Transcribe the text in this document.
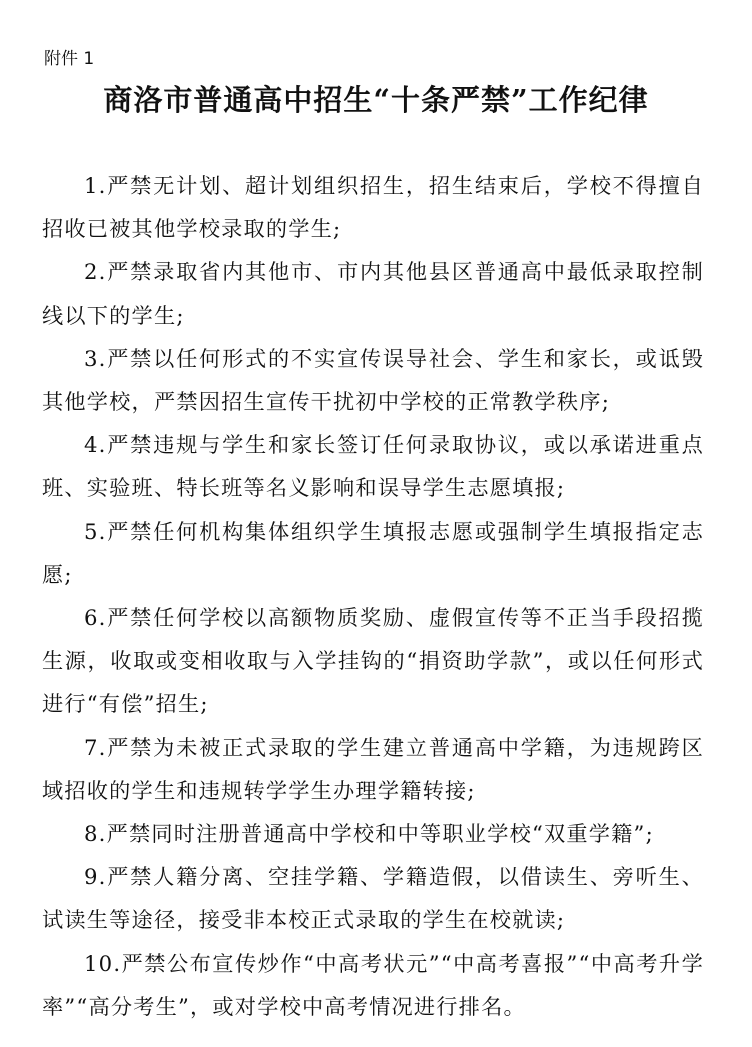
附件 1
商洛市普通高中招生“十条严禁”工作纪律

1.严禁无计划、超计划组织招生，招生结束后，学校不得擅自招收已被其他学校录取的学生;

2.严禁录取省内其他市、市内其他县区普通高中最低录取控制线以下的学生;

3.严禁以任何形式的不实宣传误导社会、学生和家长，或诋毁其他学校，严禁因招生宣传干扰初中学校的正常教学秩序;

4.严禁违规与学生和家长签订任何录取协议，或以承诺进重点班、实验班、特长班等名义影响和误导学生志愿填报;

5.严禁任何机构集体组织学生填报志愿或强制学生填报指定志愿;

6.严禁任何学校以高额物质奖励、虚假宣传等不正当手段招揽生源，收取或变相收取与入学挂钩的“捐资助学款”，或以任何形式进行“有偿”招生;

7.严禁为未被正式录取的学生建立普通高中学籍，为违规跨区域招收的学生和违规转学学生办理学籍转接;

8.严禁同时注册普通高中学校和中等职业学校“双重学籍”;

9.严禁人籍分离、空挂学籍、学籍造假，以借读生、旁听生、试读生等途径，接受非本校正式录取的学生在校就读;

10.严禁公布宣传炒作“中高考状元”“中高考喜报”“中高考升学率”“高分考生”，或对学校中高考情况进行排名。
